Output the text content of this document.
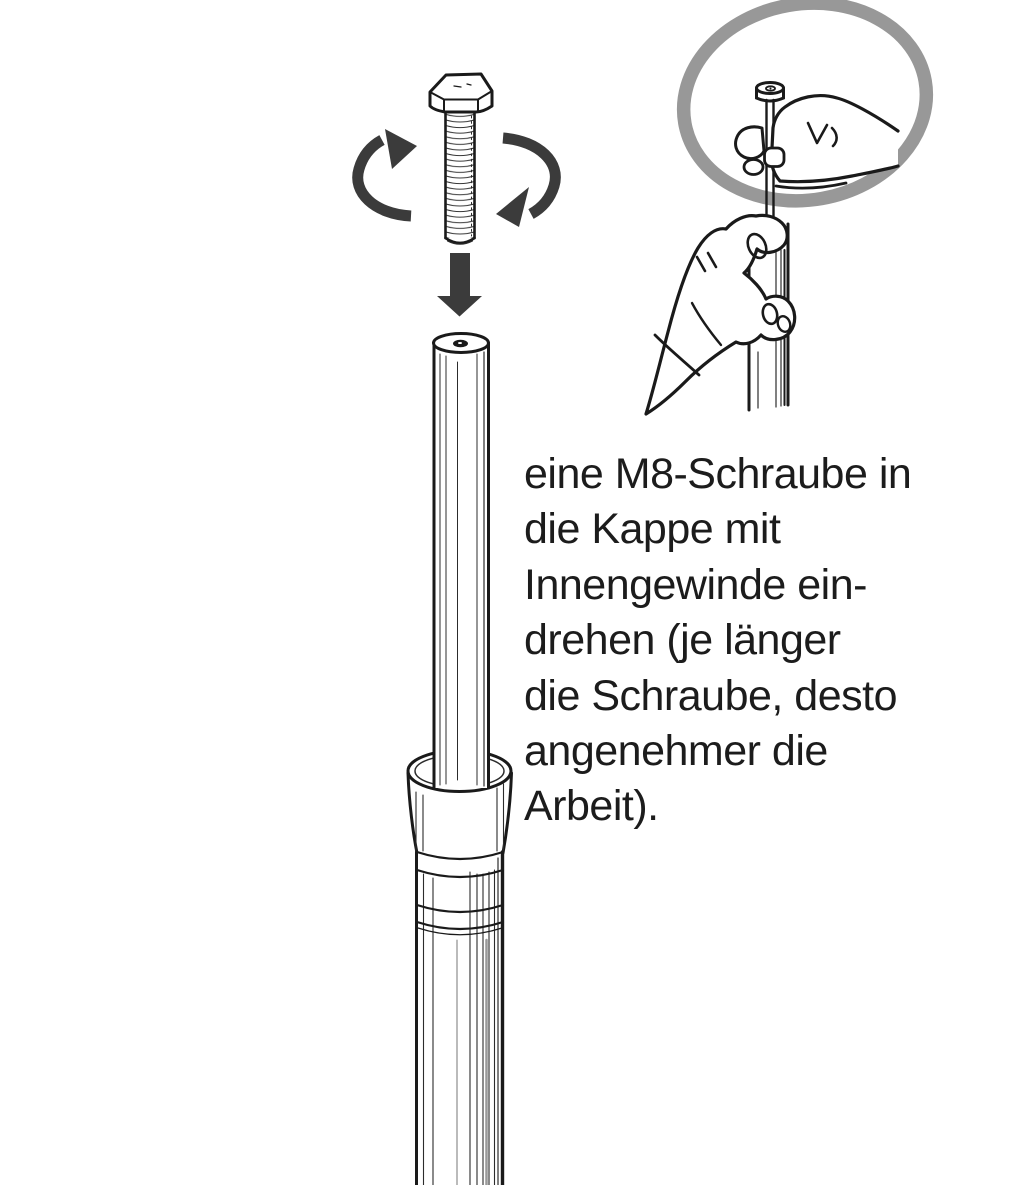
eine M8-Schraube in
die Kappe mit
Innengewinde ein-
drehen (je länger
die Schraube, desto
angenehmer die
Arbeit).
